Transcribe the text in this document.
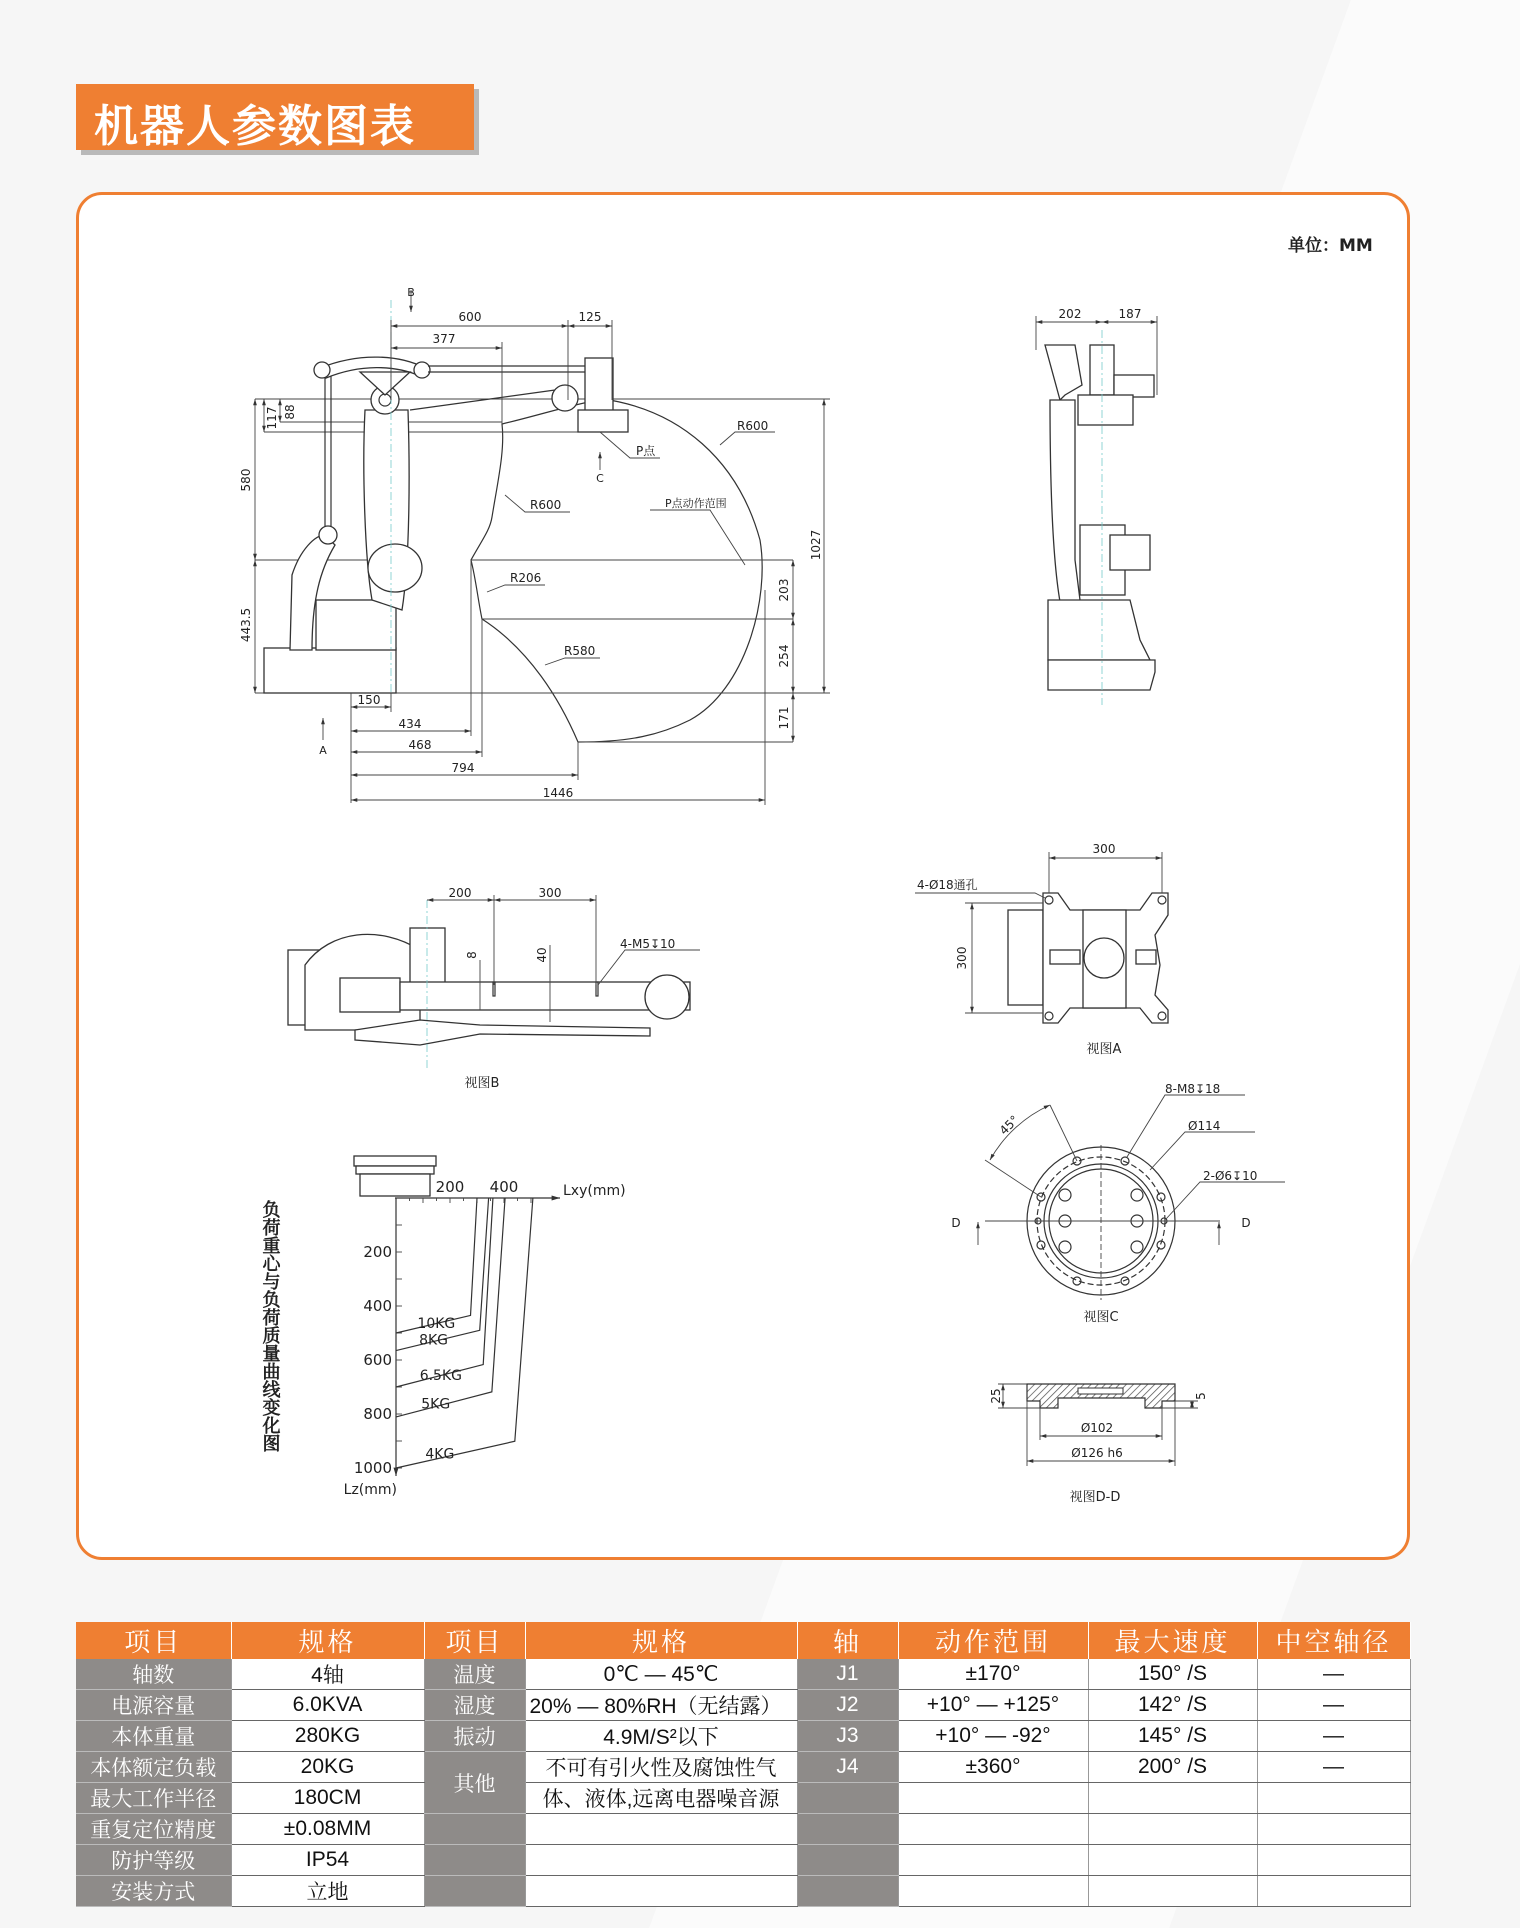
机器人参数图表
单位：MM
600	125
377
117 88
580
443.5
1027
203
254
171
150
434
468
794
1446
B
A
C
R600
P点
P点动作范围
R600
R206
R580
202	187
200	300
8	40
4-M5↧10
视图B
300
300
4-Ø18通孔
视图A
8-M8↧18
Ø114
2-Ø6↧10
45°
D	D
视图C
25	5
Ø102
Ø126 h6
视图D-D
10KG
8KG
6.5KG
5KG
4KG
Lxy(mm)
Lz(mm)
200 400
200
400
600
800
1000
负荷重心与负荷质量曲线变化图
项目	规格	项目	规格	轴	动作范围	最大速度	中空轴径
轴数	4轴	温度	0℃ — 45℃	J1	±170°	150° /S	—
电源容量	6.0KVA	湿度	20% — 80%RH（无结露）	J2	+10° — +125°	142° /S	—
本体重量	280KG	振动	4.9M/S²以下	J3	+10° — -92°	145° /S	—
本体额定负载	20KG	其他	不可有引火性及腐蚀性气	J4	±360°	200° /S	—
最大工作半径	180CM		体、液体,远离电器噪音源				
重复定位精度	±0.08MM						
防护等级	IP54						
安装方式	立地						
